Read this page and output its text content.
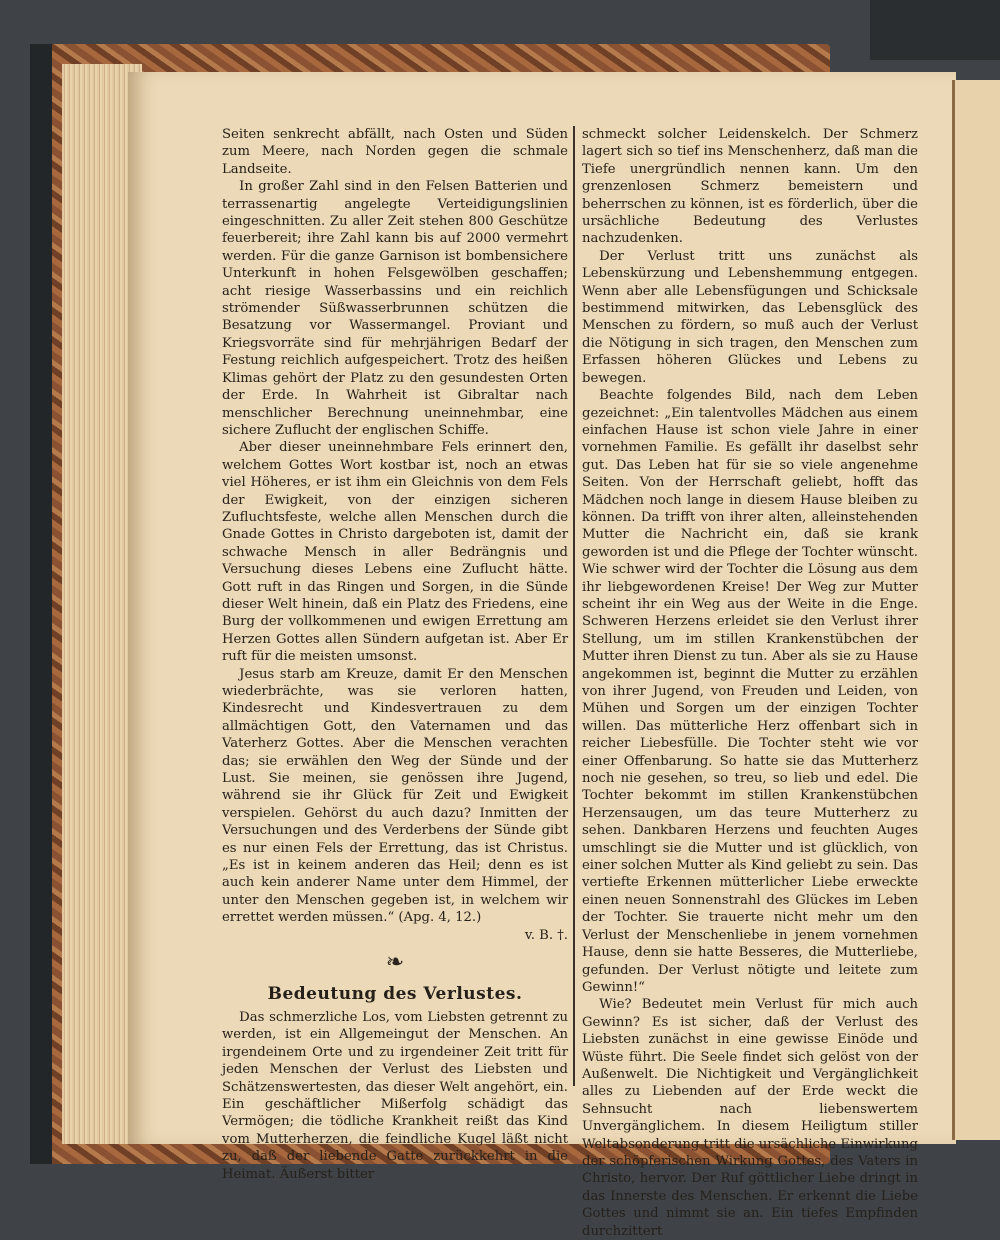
Seiten senkrecht abfällt, nach Osten und Süden zum Meere, nach Norden gegen die schmale Landseite.

In großer Zahl sind in den Felsen Batterien und terrassenartig angelegte Verteidigungslinien eingeschnitten. Zu aller Zeit stehen 800 Geschütze feuerbereit; ihre Zahl kann bis auf 2000 vermehrt werden. Für die ganze Garnison ist bombensichere Unterkunft in hohen Felsgewölben geschaffen; acht riesige Wasserbassins und ein reichlich strömender Süßwasserbrunnen schützen die Besatzung vor Wassermangel. Proviant und Kriegsvorräte sind für mehrjährigen Bedarf der Festung reichlich aufgespeichert. Trotz des heißen Klimas gehört der Platz zu den gesundesten Orten der Erde. In Wahrheit ist Gibraltar nach menschlicher Berechnung uneinnehmbar, eine sichere Zuflucht der englischen Schiffe.

Aber dieser uneinnehmbare Fels erinnert den, welchem Gottes Wort kostbar ist, noch an etwas viel Höheres, er ist ihm ein Gleichnis von dem Fels der Ewigkeit, von der einzigen sicheren Zufluchtsfeste, welche allen Menschen durch die Gnade Gottes in Christo dargeboten ist, damit der schwache Mensch in aller Bedrängnis und Versuchung dieses Lebens eine Zuflucht hätte. Gott ruft in das Ringen und Sorgen, in die Sünde dieser Welt hinein, daß ein Platz des Friedens, eine Burg der vollkommenen und ewigen Errettung am Herzen Gottes allen Sündern aufgetan ist. Aber Er ruft für die meisten umsonst.

Jesus starb am Kreuze, damit Er den Menschen wiederbrächte, was sie verloren hatten, Kindesrecht und Kindesvertrauen zu dem allmächtigen Gott, den Vaternamen und das Vaterherz Gottes. Aber die Menschen verachten das; sie erwählen den Weg der Sünde und der Lust. Sie meinen, sie genössen ihre Jugend, während sie ihr Glück für Zeit und Ewigkeit verspielen. Gehörst du auch dazu? Inmitten der Versuchungen und des Verderbens der Sünde gibt es nur einen Fels der Errettung, das ist Christus. „Es ist in keinem anderen das Heil; denn es ist auch kein anderer Name unter dem Himmel, der unter den Menschen gegeben ist, in welchem wir errettet werden müssen.“ (Apg. 4, 12.)

v. B. †.

❧
Bedeutung des Verlustes.

Das schmerzliche Los, vom Liebsten getrennt zu werden, ist ein Allgemeingut der Menschen. An irgendeinem Orte und zu irgendeiner Zeit tritt für jeden Menschen der Verlust des Liebsten und Schätzenswertesten, das dieser Welt angehört, ein. Ein geschäftlicher Mißerfolg schädigt das Vermögen; die tödliche Krankheit reißt das Kind vom Mutterherzen, die feindliche Kugel läßt nicht zu, daß der liebende Gatte zurückkehrt in die Heimat. Äußerst bitter

schmeckt solcher Leidenskelch. Der Schmerz lagert sich so tief ins Menschenherz, daß man die Tiefe unergründlich nennen kann. Um den grenzenlosen Schmerz bemeistern und beherrschen zu können, ist es förderlich, über die ursächliche Bedeutung des Verlustes nachzudenken.

Der Verlust tritt uns zunächst als Lebenskürzung und Lebenshemmung entgegen. Wenn aber alle Lebensfügungen und Schicksale bestimmend mitwirken, das Lebensglück des Menschen zu fördern, so muß auch der Verlust die Nötigung in sich tragen, den Menschen zum Erfassen höheren Glückes und Lebens zu bewegen.

Beachte folgendes Bild, nach dem Leben gezeichnet: „Ein talentvolles Mädchen aus einem einfachen Hause ist schon viele Jahre in einer vornehmen Familie. Es gefällt ihr daselbst sehr gut. Das Leben hat für sie so viele angenehme Seiten. Von der Herrschaft geliebt, hofft das Mädchen noch lange in diesem Hause bleiben zu können. Da trifft von ihrer alten, alleinstehenden Mutter die Nachricht ein, daß sie krank geworden ist und die Pflege der Tochter wünscht. Wie schwer wird der Tochter die Lösung aus dem ihr liebgewordenen Kreise! Der Weg zur Mutter scheint ihr ein Weg aus der Weite in die Enge. Schweren Herzens erleidet sie den Verlust ihrer Stellung, um im stillen Krankenstübchen der Mutter ihren Dienst zu tun. Aber als sie zu Hause angekommen ist, beginnt die Mutter zu erzählen von ihrer Jugend, von Freuden und Leiden, von Mühen und Sorgen um der einzigen Tochter willen. Das mütterliche Herz offenbart sich in reicher Liebesfülle. Die Tochter steht wie vor einer Offenbarung. So hatte sie das Mutterherz noch nie gesehen, so treu, so lieb und edel. Die Tochter bekommt im stillen Krankenstübchen Herzensaugen, um das teure Mutterherz zu sehen. Dankbaren Herzens und feuchten Auges umschlingt sie die Mutter und ist glücklich, von einer solchen Mutter als Kind geliebt zu sein. Das vertiefte Erkennen mütterlicher Liebe erweckte einen neuen Sonnenstrahl des Glückes im Leben der Tochter. Sie trauerte nicht mehr um den Verlust der Menschenliebe in jenem vornehmen Hause, denn sie hatte Besseres, die Mutterliebe, gefunden. Der Verlust nötigte und leitete zum Gewinn!“

Wie? Bedeutet mein Verlust für mich auch Gewinn? Es ist sicher, daß der Verlust des Liebsten zunächst in eine gewisse Einöde und Wüste führt. Die Seele findet sich gelöst von der Außenwelt. Die Nichtigkeit und Vergänglichkeit alles zu Liebenden auf der Erde weckt die Sehnsucht nach liebenswertem Unvergänglichem. In diesem Heiligtum stiller Weltabsonderung tritt die ursächliche Einwirkung der schöpferischen Wirkung Gottes, des Vaters in Christo, hervor. Der Ruf göttlicher Liebe dringt in das Innerste des Menschen. Er erkennt die Liebe Gottes und nimmt sie an. Ein tiefes Empfinden durchzittert
